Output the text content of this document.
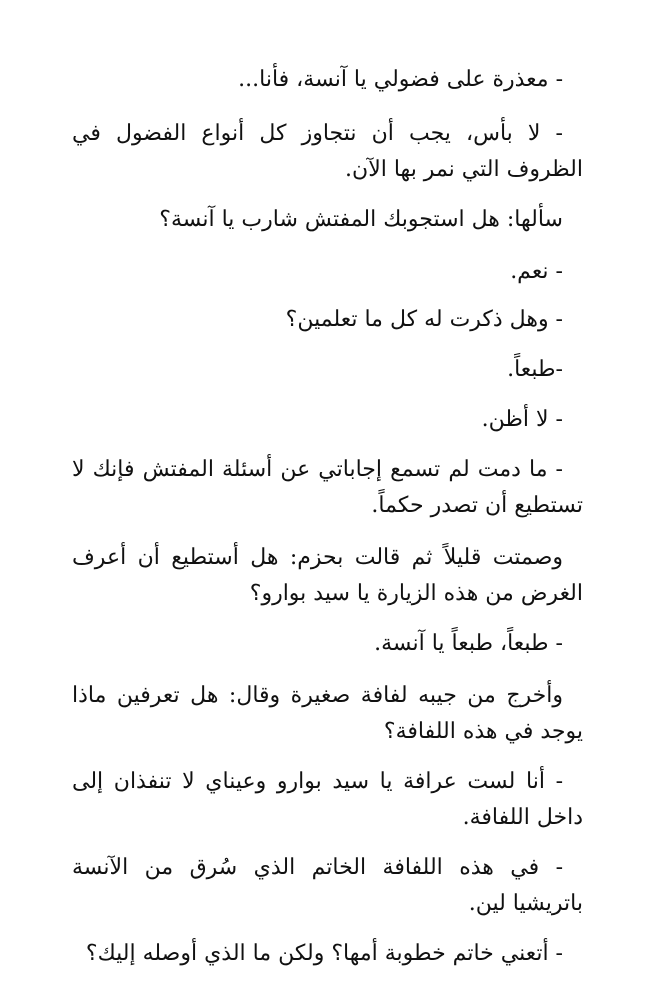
- معذرة على فضولي يا آنسة، فأنا...

- لا بأس، يجب أن نتجاوز كل أنواع الفضول في الظروف التي نمر بها الآن.

سألها: هل استجوبك المفتش شارب يا آنسة؟

- نعم.

- وهل ذكرت له كل ما تعلمين؟

-طبعاً.

- لا أظن.

- ما دمت لم تسمع إجاباتي عن أسئلة المفتش فإنك لا تستطيع أن تصدر حكماً.

وصمتت قليلاً ثم قالت بحزم: هل أستطيع أن أعرف الغرض من هذه الزيارة يا سيد بوارو؟

- طبعاً، طبعاً يا آنسة.

وأخرج من جيبه لفافة صغيرة وقال: هل تعرفين ماذا يوجد في هذه اللفافة؟

- أنا لست عرافة يا سيد بوارو وعيناي لا تنفذان إلى داخل اللفافة.

- في هذه اللفافة الخاتم الذي سُرق من الآنسة باتريشيا لين.

- أتعني خاتم خطوبة أمها؟ ولكن ما الذي أوصله إليك؟
